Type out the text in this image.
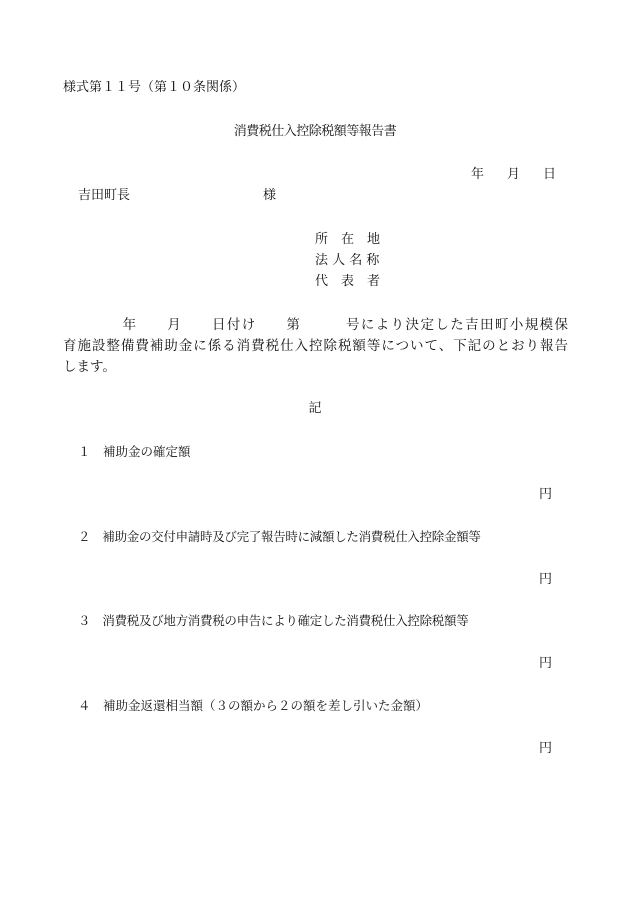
様式第１１号（第１０条関係）
消費税仕入控除税額等報告書
年 月 日
吉田町長	様
所　在　地
法 人 名 称
代　表　者
　　　　年　　月　　日付け　　第　　　号により決定した吉田町小規模保
育施設整備費補助金に係る消費税仕入控除税額等について、下記のとおり報告
します。
記
１　補助金の確定額
円
２　補助金の交付申請時及び完了報告時に減額した消費税仕入控除金額等
円
３　消費税及び地方消費税の申告により確定した消費税仕入控除税額等
円
４　補助金返還相当額（３の額から２の額を差し引いた金額）
円
